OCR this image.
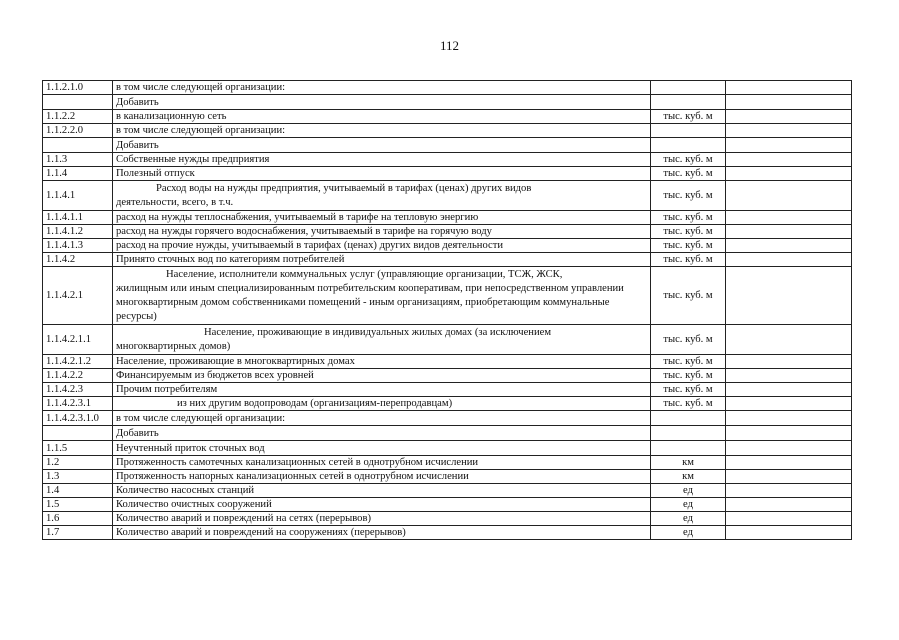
112
1.1.2.1.0	в том числе следующей организации:		
	Добавить		
1.1.2.2	в канализационную сеть	тыс. куб. м	
1.1.2.2.0	в том числе следующей организации:		
	Добавить		
1.1.3	Собственные нужды предприятия	тыс. куб. м	
1.1.4	Полезный отпуск	тыс. куб. м	
1.1.4.1	Расход воды на нужды предприятия, учитываемый в тарифах (ценах) других видов
деятельности, всего, в т.ч.	тыс. куб. м	
1.1.4.1.1	расход на нужды теплоснабжения, учитываемый в тарифе на тепловую энергию	тыс. куб. м	
1.1.4.1.2	расход на нужды горячего водоснабжения, учитываемый в тарифе на горячую воду	тыс. куб. м	
1.1.4.1.3	расход на прочие нужды, учитываемый в тарифах (ценах) других видов деятельности	тыс. куб. м	
1.1.4.2	Принято сточных вод по категориям потребителей	тыс. куб. м	
1.1.4.2.1	Население, исполнители коммунальных услуг (управляющие организации, ТСЖ, ЖСК,
жилищным или иным специализированным потребительским кооперативам, при непосредственном управлении многоквартирным домом собственниками помещений - иным организациям, приобретающим коммунальные ресурсы)	тыс. куб. м	
1.1.4.2.1.1	Население, проживающие в индивидуальных жилых домах (за исключением
многоквартирных домов)	тыс. куб. м	
1.1.4.2.1.2	Население, проживающие в многоквартирных домах	тыс. куб. м	
1.1.4.2.2	Финансируемым из бюджетов всех уровней	тыс. куб. м	
1.1.4.2.3	Прочим потребителям	тыс. куб. м	
1.1.4.2.3.1	из них другим водопроводам (организациям-перепродавцам)	тыс. куб. м	
1.1.4.2.3.1.0	в том числе следующей организации:		
	Добавить		
1.1.5	Неучтенный приток сточных вод		
1.2	Протяженность самотечных канализационных сетей в однотрубном исчислении	км	
1.3	Протяженность напорных канализационных сетей в однотрубном исчислении	км	
1.4	Количество насосных станций	ед	
1.5	Количество очистных сооружений	ед	
1.6	Количество аварий и повреждений на сетях (перерывов)	ед	
1.7	Количество аварий и повреждений на сооружениях (перерывов)	ед	
